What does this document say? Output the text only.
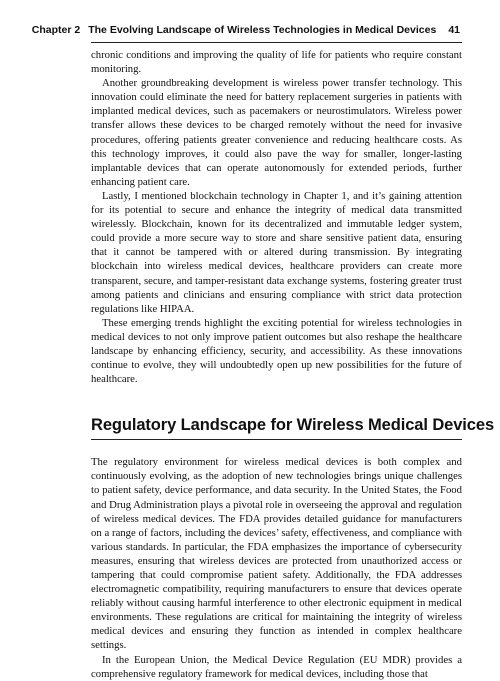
Chapter 2 The Evolving Landscape of Wireless Technologies in Medical Devices 41

chronic conditions and improving the quality of life for patients who require constant monitoring.

Another groundbreaking development is wireless power transfer technology. This innovation could eliminate the need for battery replacement surgeries in patients with implanted medical devices, such as pacemakers or neurostimulators. Wireless power transfer allows these devices to be charged remotely without the need for invasive procedures, offering patients greater convenience and reducing healthcare costs. As this technology improves, it could also pave the way for smaller, longer-lasting implantable devices that can operate autonomously for extended periods, further enhancing patient care.

Lastly, I mentioned blockchain technology in Chapter 1, and it’s gaining attention for its potential to secure and enhance the integrity of medical data transmitted wirelessly. Blockchain, known for its decentralized and immutable ledger system, could provide a more secure way to store and share sensitive patient data, ensuring that it cannot be tampered with or altered during transmission. By integrating blockchain into wireless medical devices, healthcare providers can create more transparent, secure, and tamper-resistant data exchange systems, fostering greater trust among patients and clinicians and ensuring compliance with strict data protection regulations like HIPAA.

These emerging trends highlight the exciting potential for wireless technologies in medical devices to not only improve patient outcomes but also reshape the healthcare landscape by enhancing efficiency, security, and accessibility. As these innovations continue to evolve, they will undoubtedly open up new possibilities for the future of healthcare.

Regulatory Landscape for Wireless Medical Devices

The regulatory environment for wireless medical devices is both complex and continuously evolving, as the adoption of new technologies brings unique challenges to patient safety, device performance, and data security. In the United States, the Food and Drug Administration plays a pivotal role in overseeing the approval and regulation of wireless medical devices. The FDA provides detailed guidance for manufacturers on a range of factors, including the devices’ safety, effectiveness, and compliance with various standards. In particular, the FDA emphasizes the importance of cybersecurity measures, ensuring that wireless devices are protected from unauthorized access or tampering that could compromise patient safety. Additionally, the FDA addresses electromagnetic compatibility, requiring manufacturers to ensure that devices operate reliably without causing harmful interference to other electronic equipment in medical environments. These regulations are critical for maintaining the integrity of wireless medical devices and ensuring they function as intended in complex healthcare settings.

In the European Union, the Medical Device Regulation (EU MDR) provides a comprehensive regulatory framework for medical devices, including those that
